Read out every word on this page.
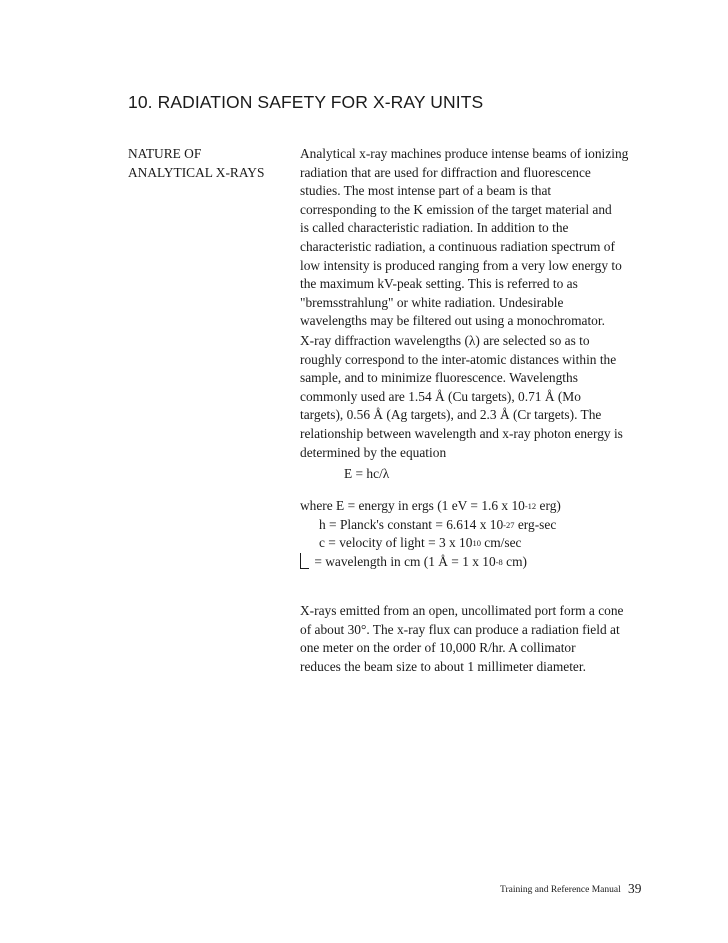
10. RADIATION SAFETY FOR X-RAY UNITS
NATURE OF
ANALYTICAL X-RAYS
Analytical x-ray machines produce intense beams of ionizing
radiation that are used for diffraction and fluorescence
studies. The most intense part of a beam is that
corresponding to the K emission of the target material and
is called characteristic radiation. In addition to the
characteristic radiation, a continuous radiation spectrum of
low intensity is produced ranging from a very low energy to
the maximum kV-peak setting. This is referred to as
"bremsstrahlung" or white radiation. Undesirable
wavelengths may be filtered out using a monochromator.
X-ray diffraction wavelengths (λ) are selected so as to
roughly correspond to the inter-atomic distances within the
sample, and to minimize fluorescence. Wavelengths
commonly used are 1.54 Å (Cu targets), 0.71 Å (Mo
targets), 0.56 Å (Ag targets), and 2.3 Å (Cr targets). The
relationship between wavelength and x-ray photon energy is
determined by the equation
E = hc/λ
where E = energy in ergs (1 eV = 1.6 x 10-12 erg)
h = Planck's constant = 6.614 x 10-27 erg-sec
c = velocity of light = 3 x 1010 cm/sec
= wavelength in cm (1 Å = 1 x 10-8 cm)
X-rays emitted from an open, uncollimated port form a cone
of about 30°. The x-ray flux can produce a radiation field at
one meter on the order of 10,000 R/hr. A collimator
reduces the beam size to about 1 millimeter diameter.
Training and Reference Manual 39
